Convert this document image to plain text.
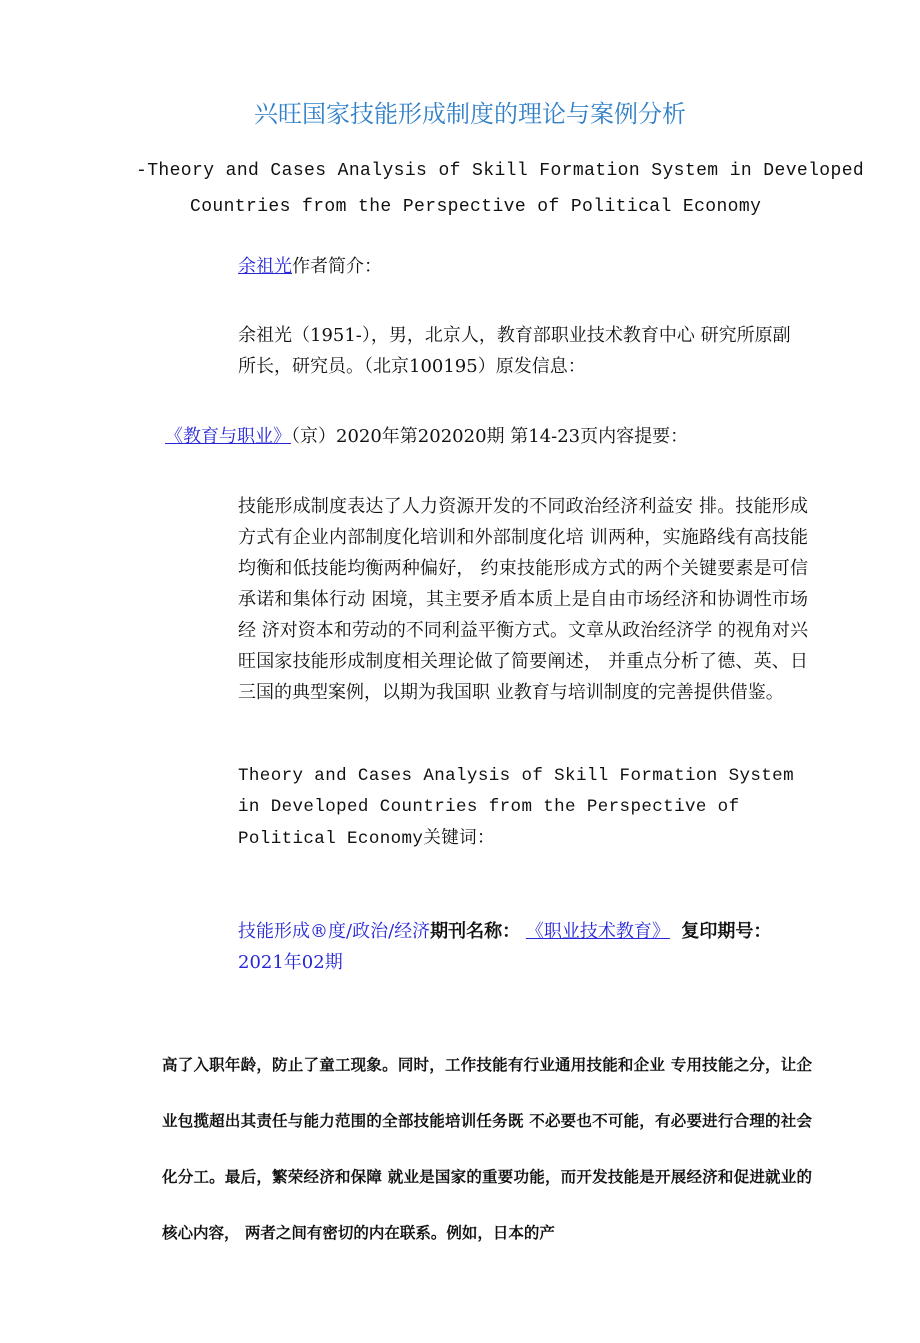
兴旺国家技能形成制度的理论与案例分析
-Theory and Cases Analysis of Skill Formation System in Developed
Countries from the Perspective of Political Economy
余祖光作者简介：
余祖光（1951-），男，北京人，教育部职业技术教育中心 研究所原副所长，研究员。（北京100195）原发信息：
《教育与职业》（京）2020年第202020期 第14-23页内容提要：
技能形成制度表达了人力资源开发的不同政治经济利益安 排。技能形成方式有企业内部制度化培训和外部制度化培 训两种，实施路线有高技能均衡和低技能均衡两种偏好， 约束技能形成方式的两个关键要素是可信承诺和集体行动 困境，其主要矛盾本质上是自由市场经济和协调性市场经 济对资本和劳动的不同利益平衡方式。文章从政治经济学 的视角对兴旺国家技能形成制度相关理论做了简要阐述， 并重点分析了德、英、日三国的典型案例，以期为我国职 业教育与培训制度的完善提供借鉴。
Theory and Cases Analysis of Skill Formation System in Developed Countries from the Perspective of Political Economy关键词：
技能形成®度/政治/经济期刊名称： 《职业技术教育》 复印期号：2021年02期
高了入职年龄，防止了童工现象。同时，工作技能有行业通用技能和企业 专用技能之分，让企业包揽超出其责任与能力范围的全部技能培训任务既 不必要也不可能，有必要进行合理的社会化分工。最后，繁荣经济和保障 就业是国家的重要功能，而开发技能是开展经济和促进就业的核心内容， 两者之间有密切的内在联系。例如，日本的产
